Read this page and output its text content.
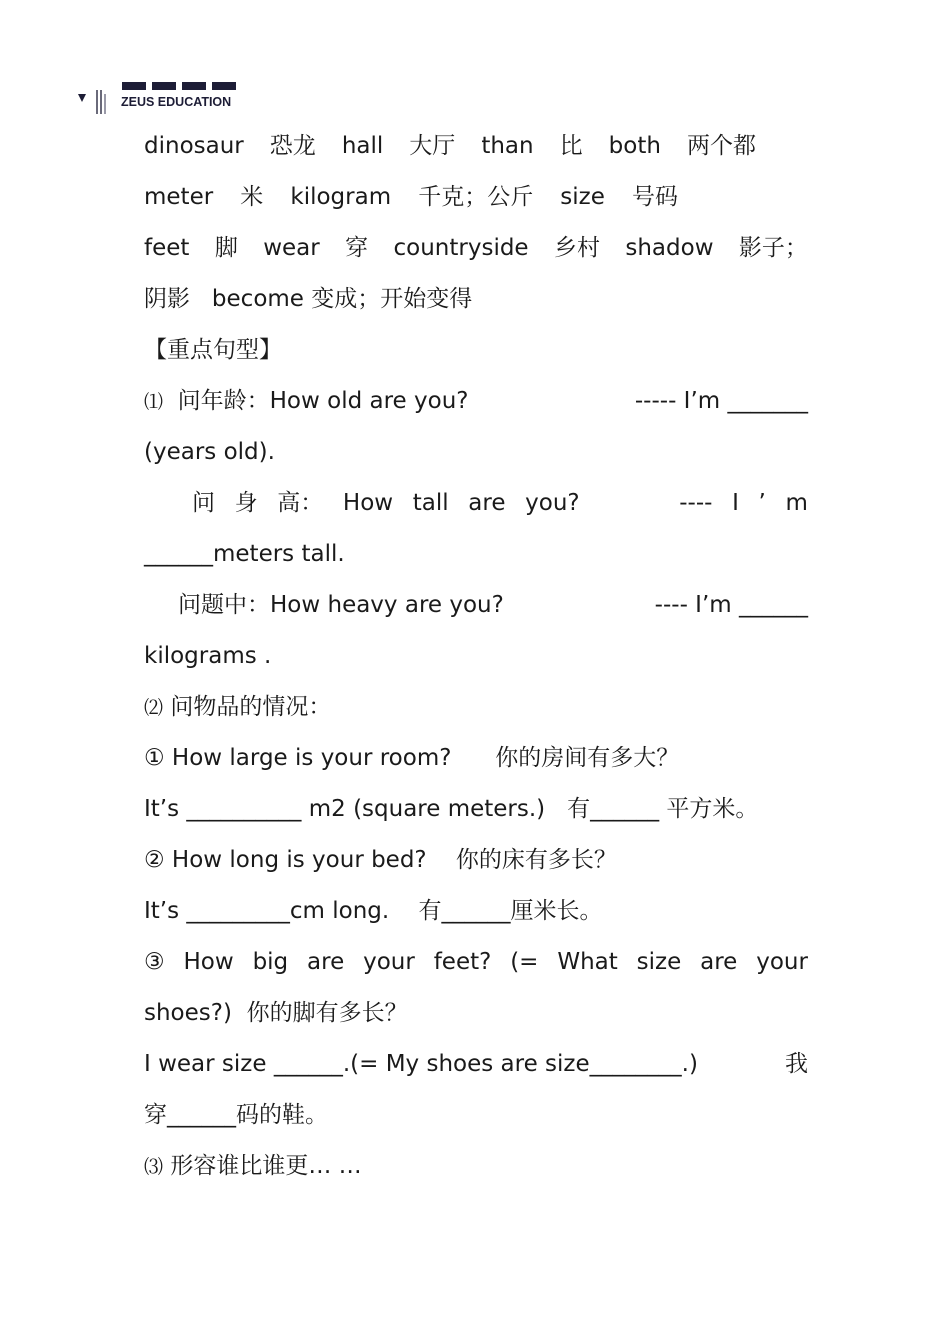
ZEUS EDUCATION
dinosaur 恐龙 hall 大厅 than 比 both 两个都
meter 米 kilogram 千克；公斤 size 号码
feet 脚 wear 穿 countryside 乡村 shadow 影子；
阴影   become 变成；开始变得
【重点句型】
⑴ 问年龄：How old are you?	----- I’m _______
(years old).
问 身 高： How tall are you?	---- I ’ m
______meters tall.
问题中：How heavy are you?	---- I’m ______
kilograms .
⑵ 问物品的情况：
① How large is your room?      你的房间有多大？
It’s __________ m2 (square meters.)   有______ 平方米。
② How long is your bed?    你的床有多长？
It’s _________cm long.    有______厘米长。
③ How big are your feet? (= What size are your
shoes?)  你的脚有多长？
I wear size ______.(= My shoes are size________.)	我
穿______码的鞋。
⑶ 形容谁比谁更… …
